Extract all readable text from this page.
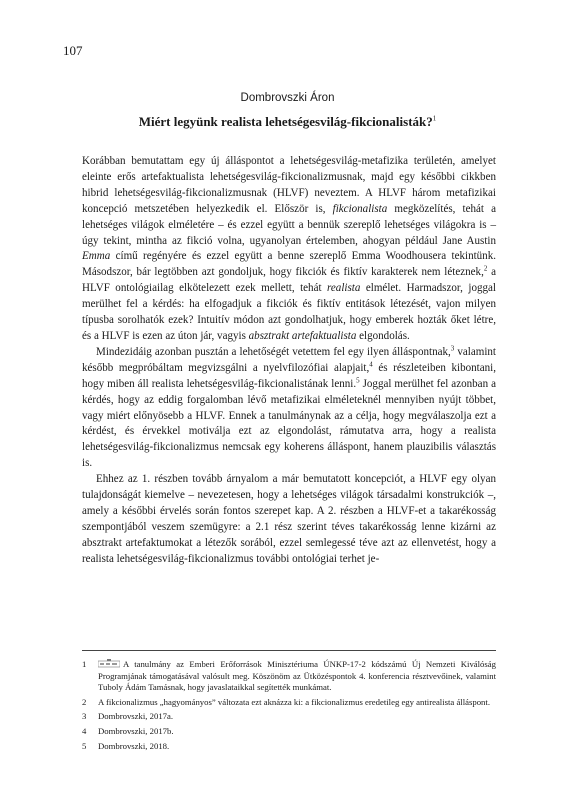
107
Dombrovszki Áron
Miért legyünk realista lehetségesvilág-fikcionalisták?$^1$

Korábban bemutattam egy új álláspontot a lehetségesvilág-metafizika területén, amelyet eleinte erős artefaktualista lehetségesvilág-fikcionalizmusnak, majd egy későbbi cikkben hibrid lehetségesvilág-fikcionalizmusnak (HLVF) neveztem. A HLVF három metafizikai koncepció metszetében helyezkedik el. Először is, fikcionalista megközelítés, tehát a lehetséges világok elméletére – és ezzel együtt a bennük szereplő lehetséges világokra is – úgy tekint, mintha az fikció volna, ugyanolyan értelemben, ahogyan például Jane Austin Emma című regényére és ezzel együtt a benne szereplő Emma Woodhousera tekintünk. Másodszor, bár legtöbben azt gondoljuk, hogy fikciók és fiktív karakterek nem léteznek,$^2$ a HLVF ontológiailag elkötelezett ezek mellett, tehát realista elmélet. Harmadszor, joggal merülhet fel a kérdés: ha elfogadjuk a fikciók és fiktív entitások létezését, vajon milyen típusba sorolhatók ezek? Intuitív módon azt gondolhatjuk, hogy emberek hozták őket létre, és a HLVF is ezen az úton jár, vagyis absztrakt artefaktualista elgondolás.

Mindezidáig azonban pusztán a lehetőségét vetettem fel egy ilyen álláspontnak,$^3$ valamint később megpróbáltam megvizsgálni a nyelvfilozófiai alapjait,$^4$ és részleteiben kibontani, hogy miben áll realista lehetségesvilág-fikcionalistának lenni.$^5$ Joggal merülhet fel azonban a kérdés, hogy az eddig forgalomban lévő metafizikai elméleteknél mennyiben nyújt többet, vagy miért előnyösebb a HLVF. Ennek a tanulmánynak az a célja, hogy megválaszolja ezt a kérdést, és érvekkel motiválja ezt az elgondolást, rámutatva arra, hogy a realista lehetségesvilág-fikcionalizmus nemcsak egy koherens álláspont, hanem plauzibilis választás is.

Ehhez az 1. részben tovább árnyalom a már bemutatott koncepciót, a HLVF egy olyan tulajdonságát kiemelve – nevezetesen, hogy a lehetséges világok társadalmi konstrukciók –, amely a későbbi érvelés során fontos szerepet kap. A 2. részben a HLVF-et a takarékosság szempontjából veszem szemügyre: a 2.1 rész szerint téves takarékosság lenne kizárni az absztrakt artefaktumokat a létezők sorából, ezzel semlegessé téve azt az ellenvetést, hogy a realista lehetségesvilág-fikcionalizmus további ontológiai terhet je-

1	A tanulmány az Emberi Erőforrások Minisztériuma ÚNKP-17-2 kódszámú Új Nemzeti Kiválóság Programjának támogatásával valósult meg. Köszönöm az Ütközéspontok 4. konferencia résztvevőinek, valamint Tuboly Ádám Tamásnak, hogy javaslataikkal segítették munkámat.
2	A fikcionalizmus „hagyományos” változata ezt aknázza ki: a fikcionalizmus eredetileg egy antirealista álláspont.
3	Dombrovszki, 2017a.
4	Dombrovszki, 2017b.
5	Dombrovszki, 2018.
